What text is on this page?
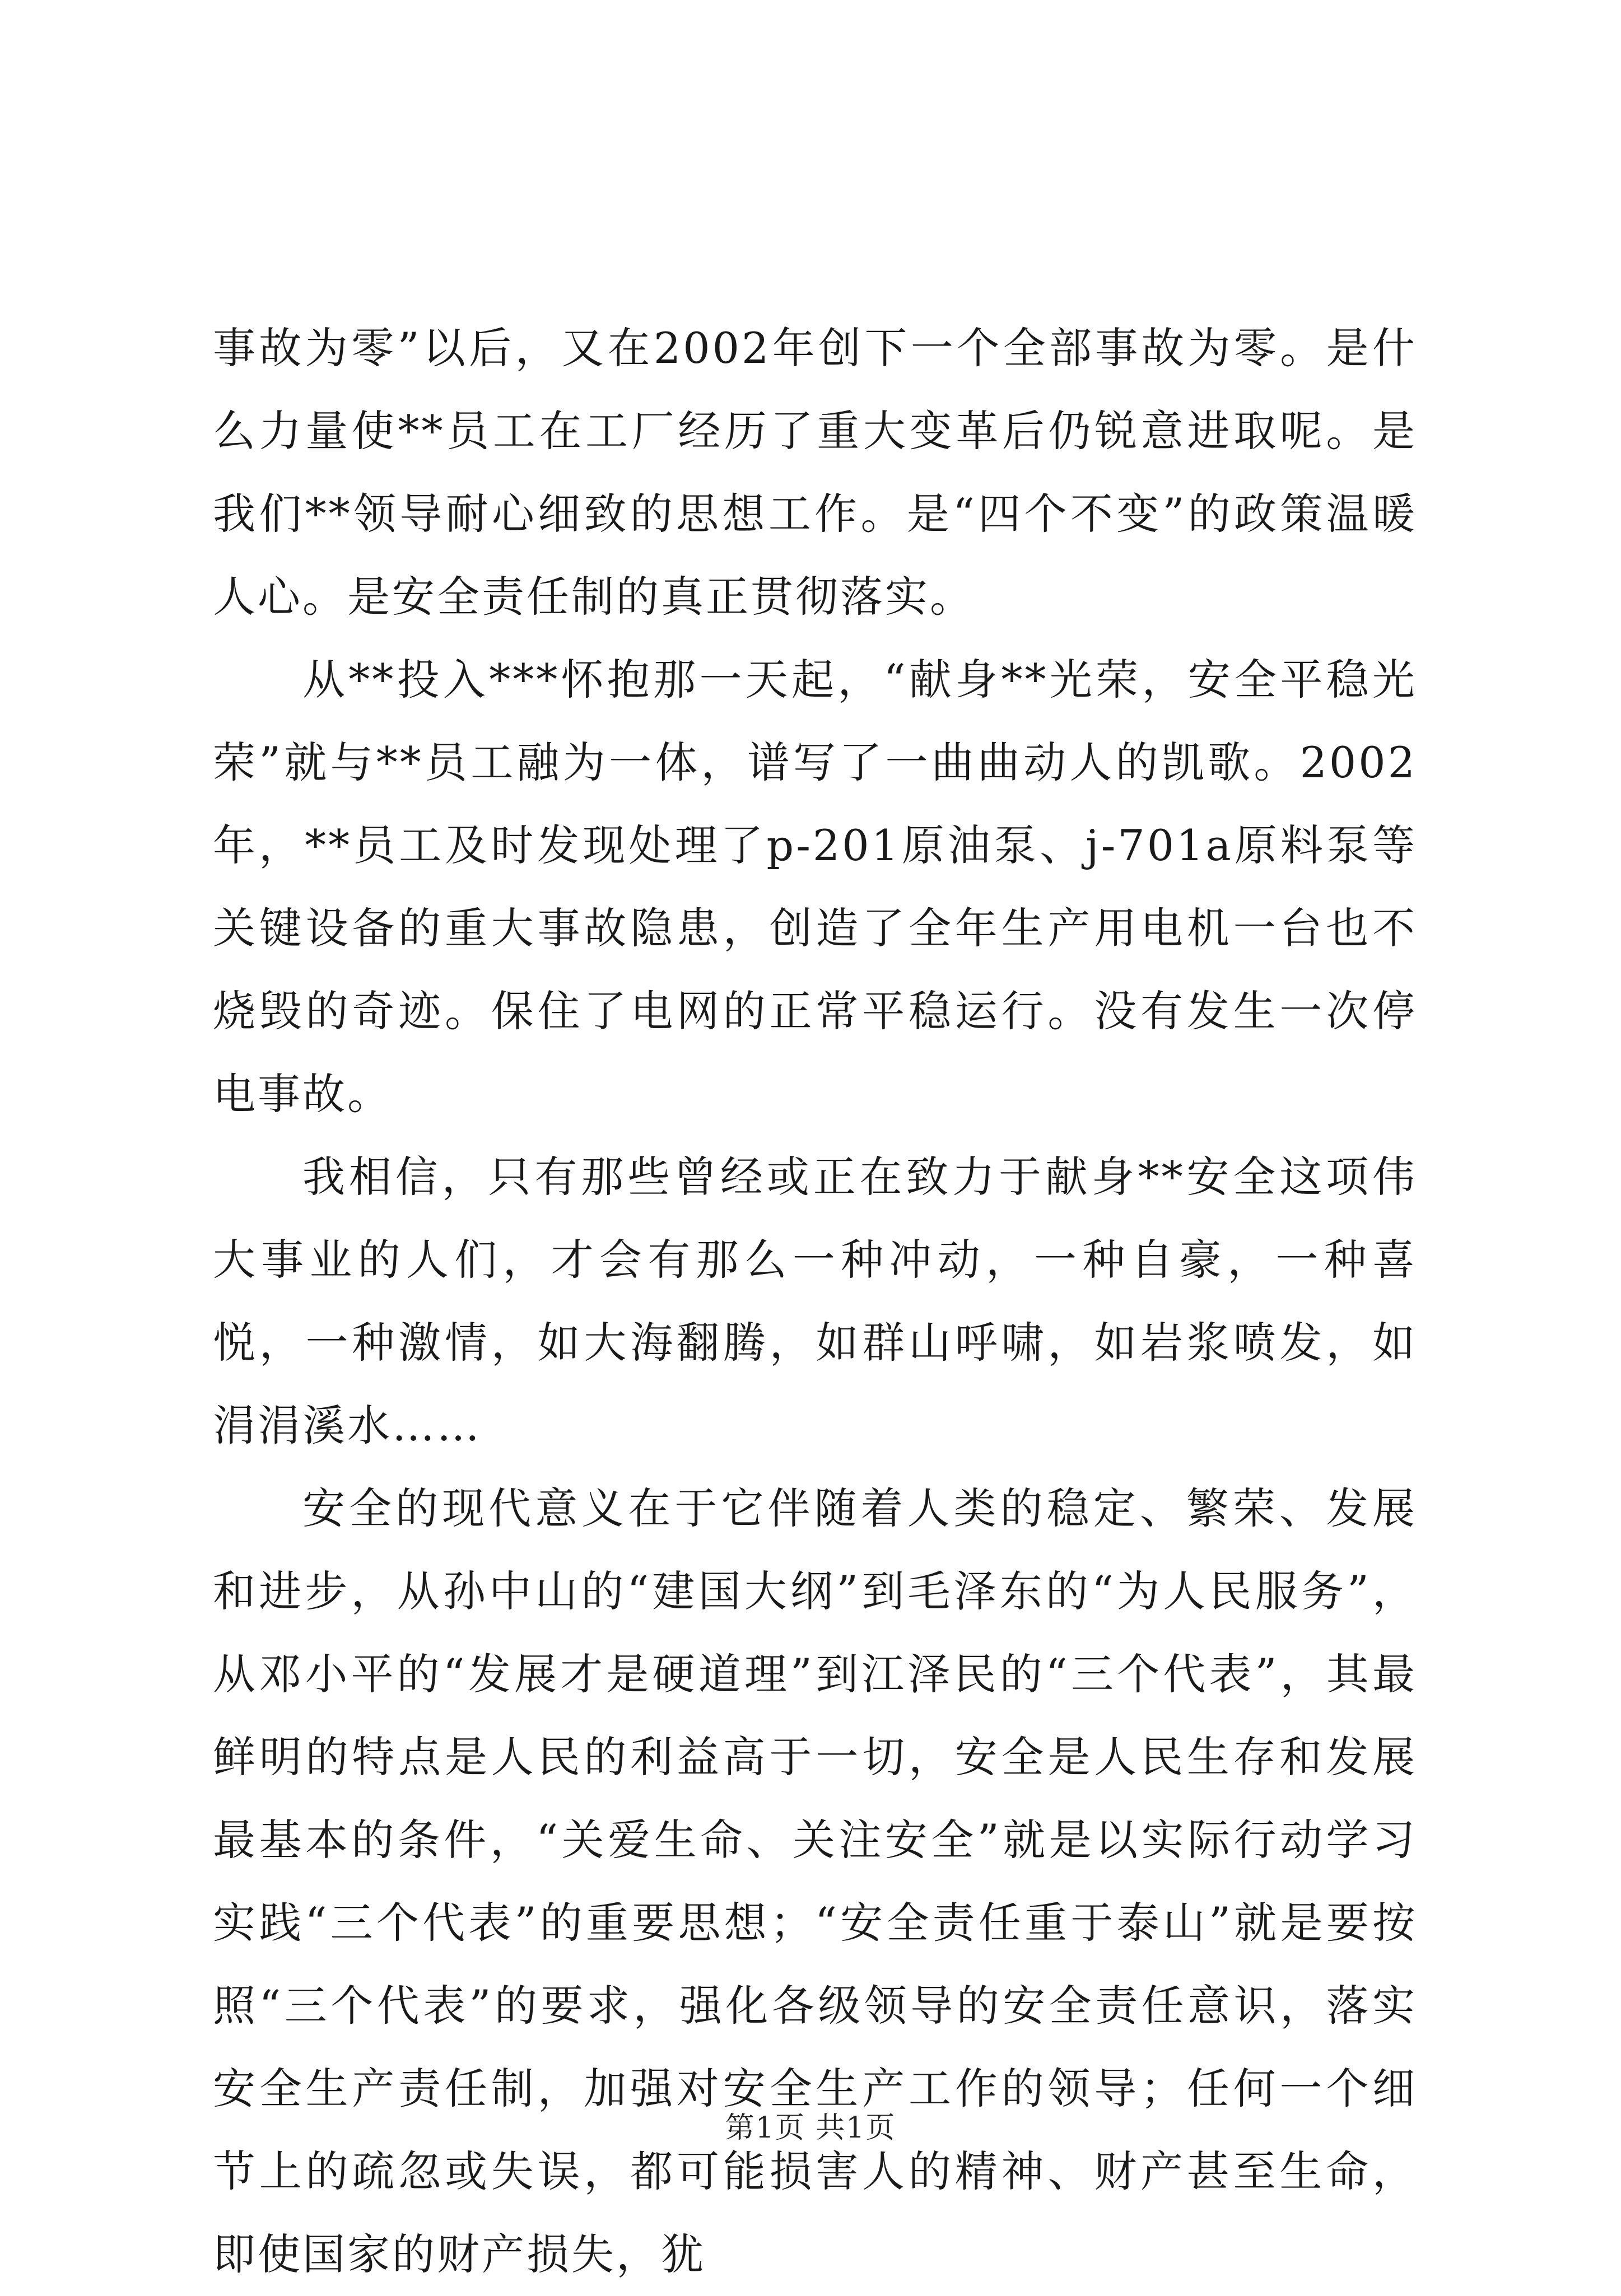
事故为零”以后，又在2002年创下一个全部事故为零。是什么力量使**员工在工厂经历了重大变革后仍锐意进取呢。是我们**领导耐心细致的思想工作。是“四个不变”的政策温暖人心。是安全责任制的真正贯彻落实。

从**投入***怀抱那一天起，“献身**光荣，安全平稳光荣”就与**员工融为一体，谱写了一曲曲动人的凯歌。2002年，**员工及时发现处理了p-201原油泵、j-701a原料泵等关键设备的重大事故隐患，创造了全年生产用电机一台也不烧毁的奇迹。保住了电网的正常平稳运行。没有发生一次停电事故。

我相信，只有那些曾经或正在致力于献身**安全这项伟大事业的人们，才会有那么一种冲动，一种自豪，一种喜悦，一种激情，如大海翻腾，如群山呼啸，如岩浆喷发，如涓涓溪水……

安全的现代意义在于它伴随着人类的稳定、繁荣、发展和进步，从孙中山的“建国大纲”到毛泽东的“为人民服务”，从邓小平的“发展才是硬道理”到江泽民的“三个代表”，其最鲜明的特点是人民的利益高于一切，安全是人民生存和发展最基本的条件，“关爱生命、关注安全”就是以实际行动学习实践“三个代表”的重要思想；“安全责任重于泰山”就是要按照“三个代表”的要求，强化各级领导的安全责任意识，落实安全生产责任制，加强对安全生产工作的领导；任何一个细节上的疏忽或失误，都可能损害人的精神、财产甚至生命，即使国家的财产损失，犹

第1页 共1页
